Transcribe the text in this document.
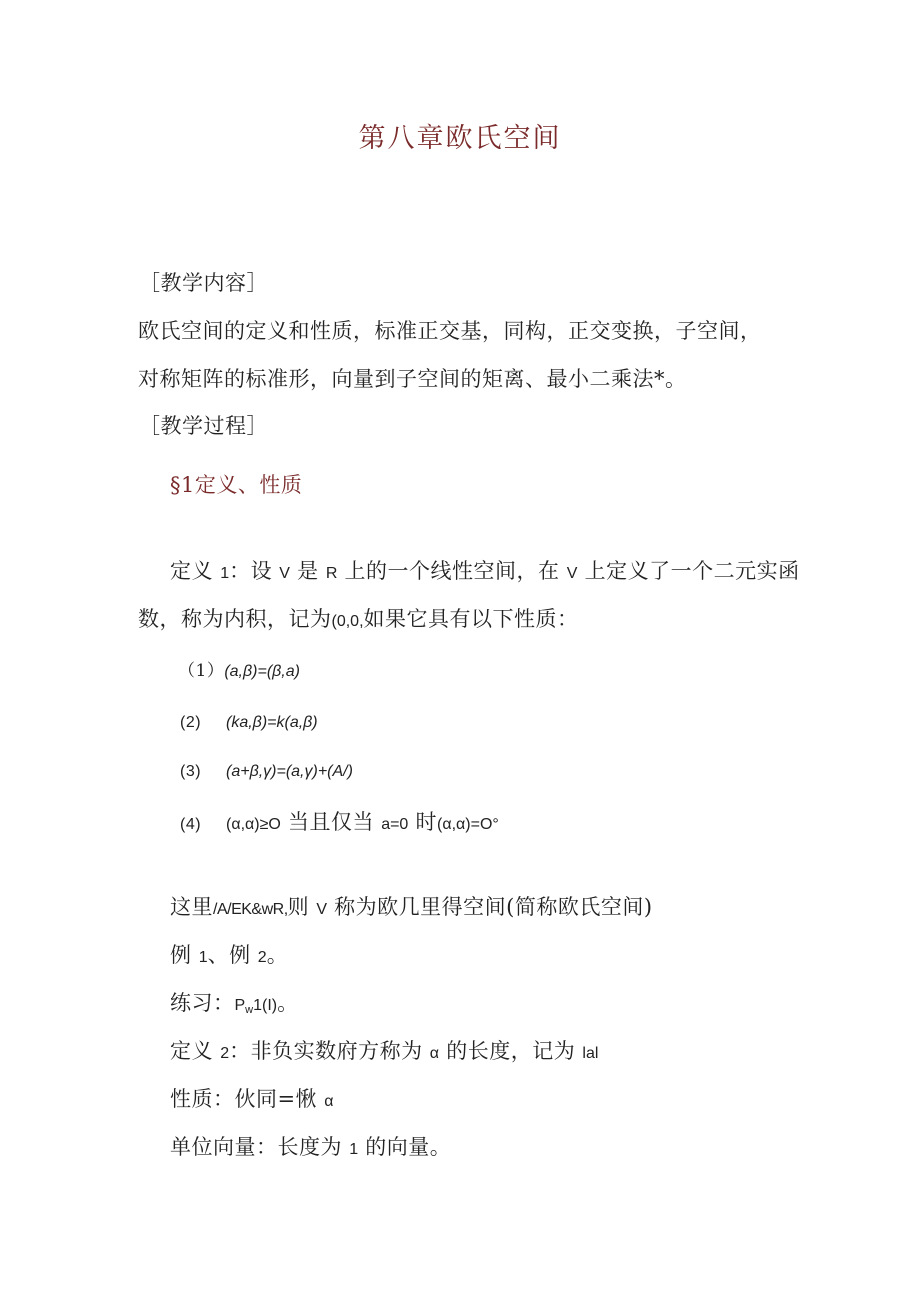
第八章欧氏空间
［教学内容］
欧氏空间的定义和性质，标准正交基，同构，正交变换，子空间，
对称矩阵的标准形，向量到子空间的矩离、最小二乘法*。
［教学过程］
§1定义、性质
定义 1：设 V 是 R 上的一个线性空间，在 V 上定义了一个二元实函
数，称为内积，记为(0,0,如果它具有以下性质：
（1）(a,β)=(β,a)
(2) (ka,β)=k(a,β)
(3) (a+β,γ)=(a,γ)+(A/)
(4) (α,α)≥O 当且仅当 a=0 时(α,α)=O°
这里/A/EK&wR,则 V 称为欧几里得空间(简称欧氏空间)
例 1、例 2。
练习：$P_w1(I)$。
定义 2：非负实数府方称为 α 的长度，记为 lal
性质：伙同=愀 α
单位向量：长度为 1 的向量。
